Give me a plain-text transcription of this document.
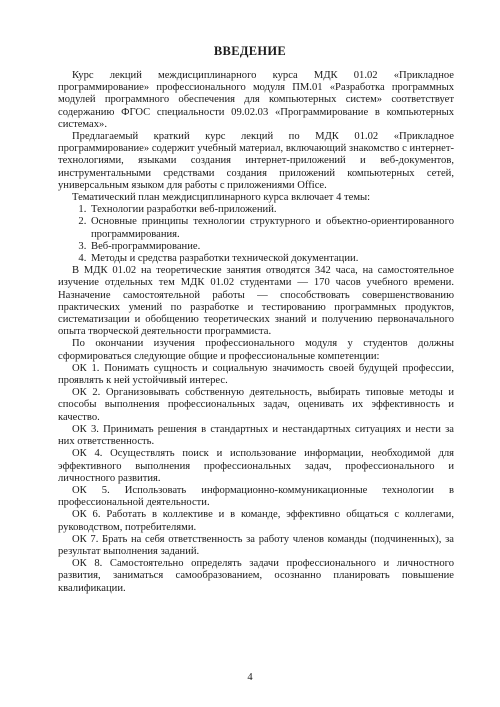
ВВЕДЕНИЕ

Курс лекций междисциплинарного курса МДК 01.02 «Прикладное программирование» профессионального модуля ПМ.01 «Разработка программных модулей программного обеспечения для компьютерных систем» соответствует содержанию ФГОС специальности 09.02.03 «Программирование в компьютерных системах».

Предлагаемый краткий курс лекций по МДК 01.02 «Прикладное программирование» содержит учебный материал, включающий знакомство с интернет-технологиями, языками создания интернет-приложений и веб-документов, инструментальными средствами создания приложений компьютерных сетей, универсальным языком для работы с приложениями Office.

Тематический план междисциплинарного курса включает 4 темы:

1. Технологии разработки веб-приложений.
2. Основные принципы технологии структурного и объектно-ориентированного программирования.
3. Веб-программирование.
4. Методы и средства разработки технической документации.

В МДК 01.02 на теоретические занятия отводятся 342 часа, на самостоятельное изучение отдельных тем МДК 01.02 студентами — 170 часов учебного времени. Назначение самостоятельной работы — способствовать совершенствованию практических умений по разработке и тестированию программных продуктов, систематизации и обобщению теоретических знаний и получению первоначального опыта творческой деятельности программиста.

По окончании изучения профессионального модуля у студентов должны сформироваться следующие общие и профессиональные компетенции:

ОК 1. Понимать сущность и социальную значимость своей будущей профессии, проявлять к ней устойчивый интерес.

ОК 2. Организовывать собственную деятельность, выбирать типовые методы и способы выполнения профессиональных задач, оценивать их эффективность и качество.

ОК 3. Принимать решения в стандартных и нестандартных ситуациях и нести за них ответственность.

ОК 4. Осуществлять поиск и использование информации, необходимой для эффективного выполнения профессиональных задач, профессионального и личностного развития.

ОК 5. Использовать информационно-коммуникационные технологии в профессиональной деятельности.

ОК 6. Работать в коллективе и в команде, эффективно общаться с коллегами, руководством, потребителями.

ОК 7. Брать на себя ответственность за работу членов команды (подчиненных), за результат выполнения заданий.

ОК 8. Самостоятельно определять задачи профессионального и личностного развития, заниматься самообразованием, осознанно планировать повышение квалификации.

4
